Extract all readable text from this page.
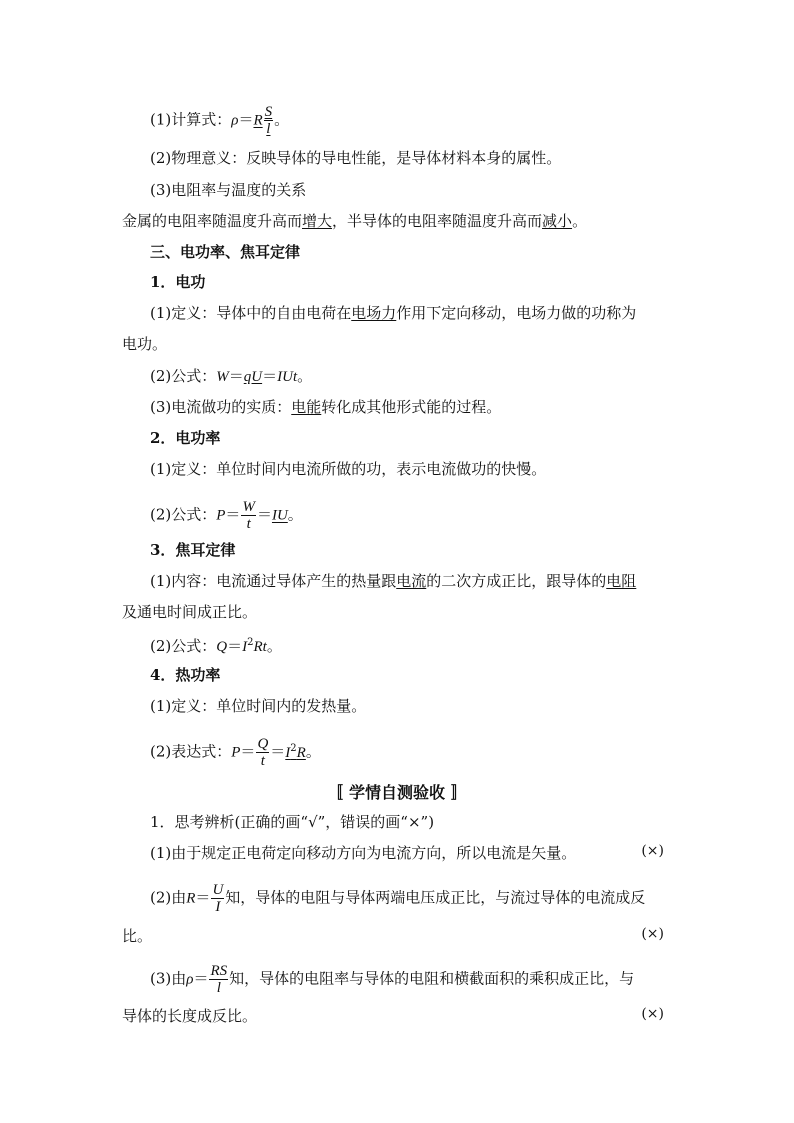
(1)计算式：$\rho=R \frac{S}{l}$ 。
(2)物理意义：反映导体的导电性能，是导体材料本身的属性。
(3)电阻率与温度的关系
金属的电阻率随温度升高而增大，半导体的电阻率随温度升高而减小。
三、电功率、焦耳定律
1．电功
(1)定义：导体中的自由电荷在电场力作用下定向移动，电场力做的功称为
电功。
(2)公式：W＝qU＝IUt。
(3)电流做功的实质：电能转化成其他形式能的过程。
2．电功率
(1)定义：单位时间内电流所做的功，表示电流做功的快慢。
(2)公式：$P= \frac{W}{t} =IU$。
3．焦耳定律
(1)内容：电流通过导体产生的热量跟电流的二次方成正比，跟导体的电阻
及通电时间成正比。
(2)公式：$Q=I^2Rt$。
4．热功率
(1)定义：单位时间内的发热量。
(2)表达式：$P= \frac{Q}{t} =I^2R$。
〚 学情自测验收 〛
1．思考辨析(正确的画“√”，错误的画“×”)
(1)由于规定正电荷定向移动方向为电流方向，所以电流是矢量。	(×)
(2)由$R= \frac{U}{I}$ 知，导体的电阻与导体两端电压成正比，与流过导体的电流成反
比。	(×)
(3)由$\rho= \frac{RS}{l}$ 知，导体的电阻率与导体的电阻和横截面积的乘积成正比，与
导体的长度成反比。	(×)
